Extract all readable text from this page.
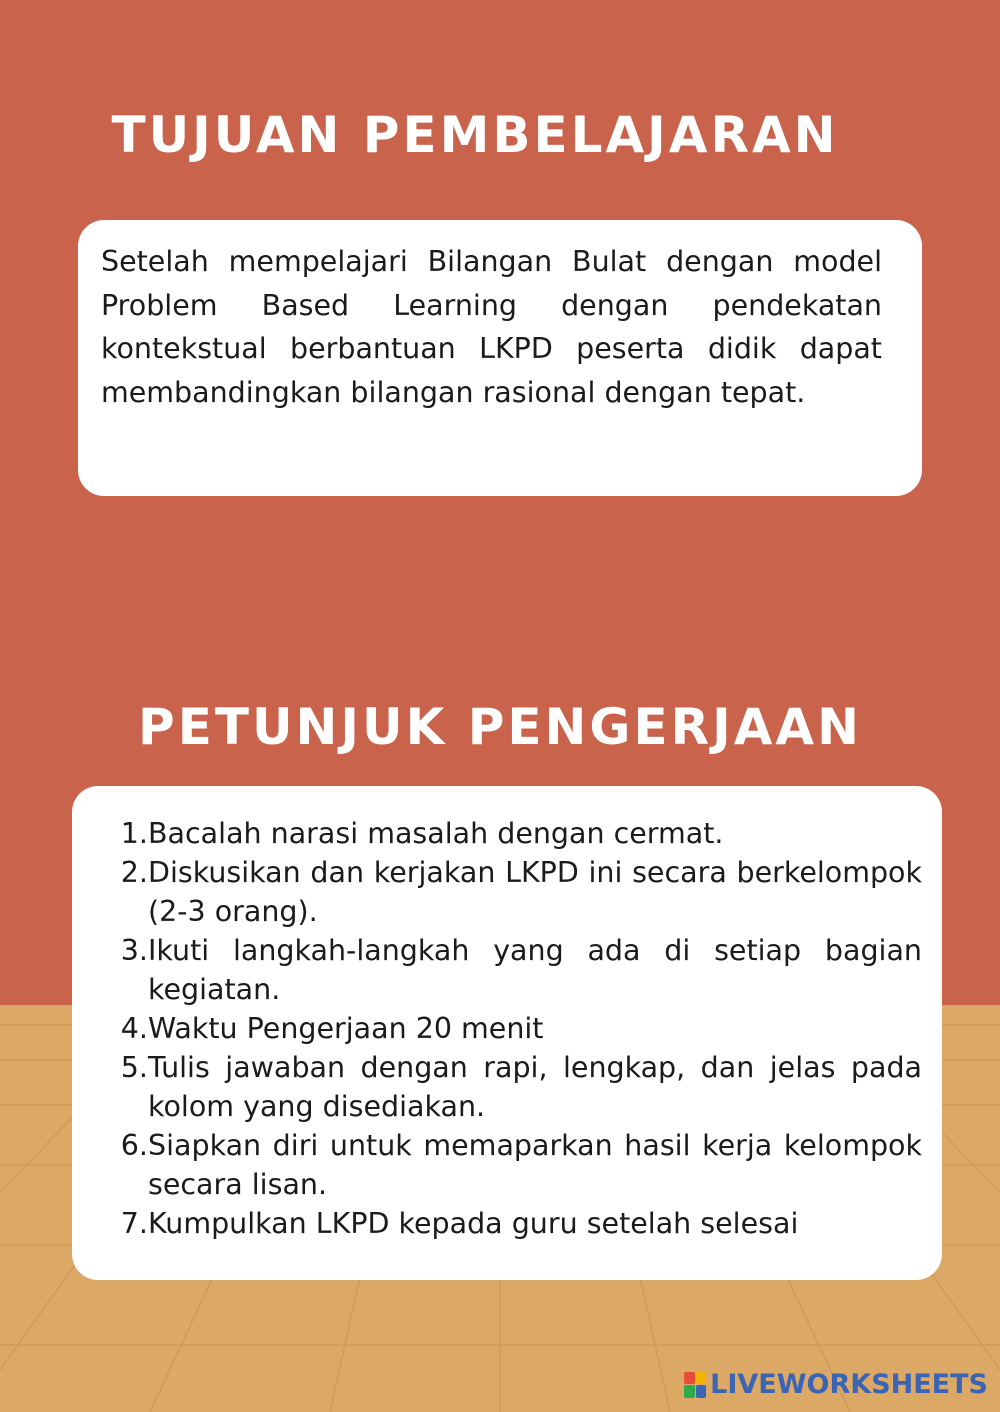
TUJUAN PEMBELAJARAN

Setelah mempelajari Bilangan Bulat dengan model Problem Based Learning dengan pendekatan kontekstual berbantuan LKPD peserta didik dapat membandingkan bilangan rasional dengan tepat.

PETUNJUK PENGERJAAN
1. Bacalah narasi masalah dengan cermat.
2. Diskusikan dan kerjakan LKPD ini secara berkelompok (2-3 orang).
3. Ikuti langkah-langkah yang ada di setiap bagian kegiatan.
4. Waktu Pengerjaan 20 menit
5. Tulis jawaban dengan rapi, lengkap, dan jelas pada kolom yang disediakan.
6. Siapkan diri untuk memaparkan hasil kerja kelompok secara lisan.
7. Kumpulkan LKPD kepada guru setelah selesai
LIVEWORKSHEETS
